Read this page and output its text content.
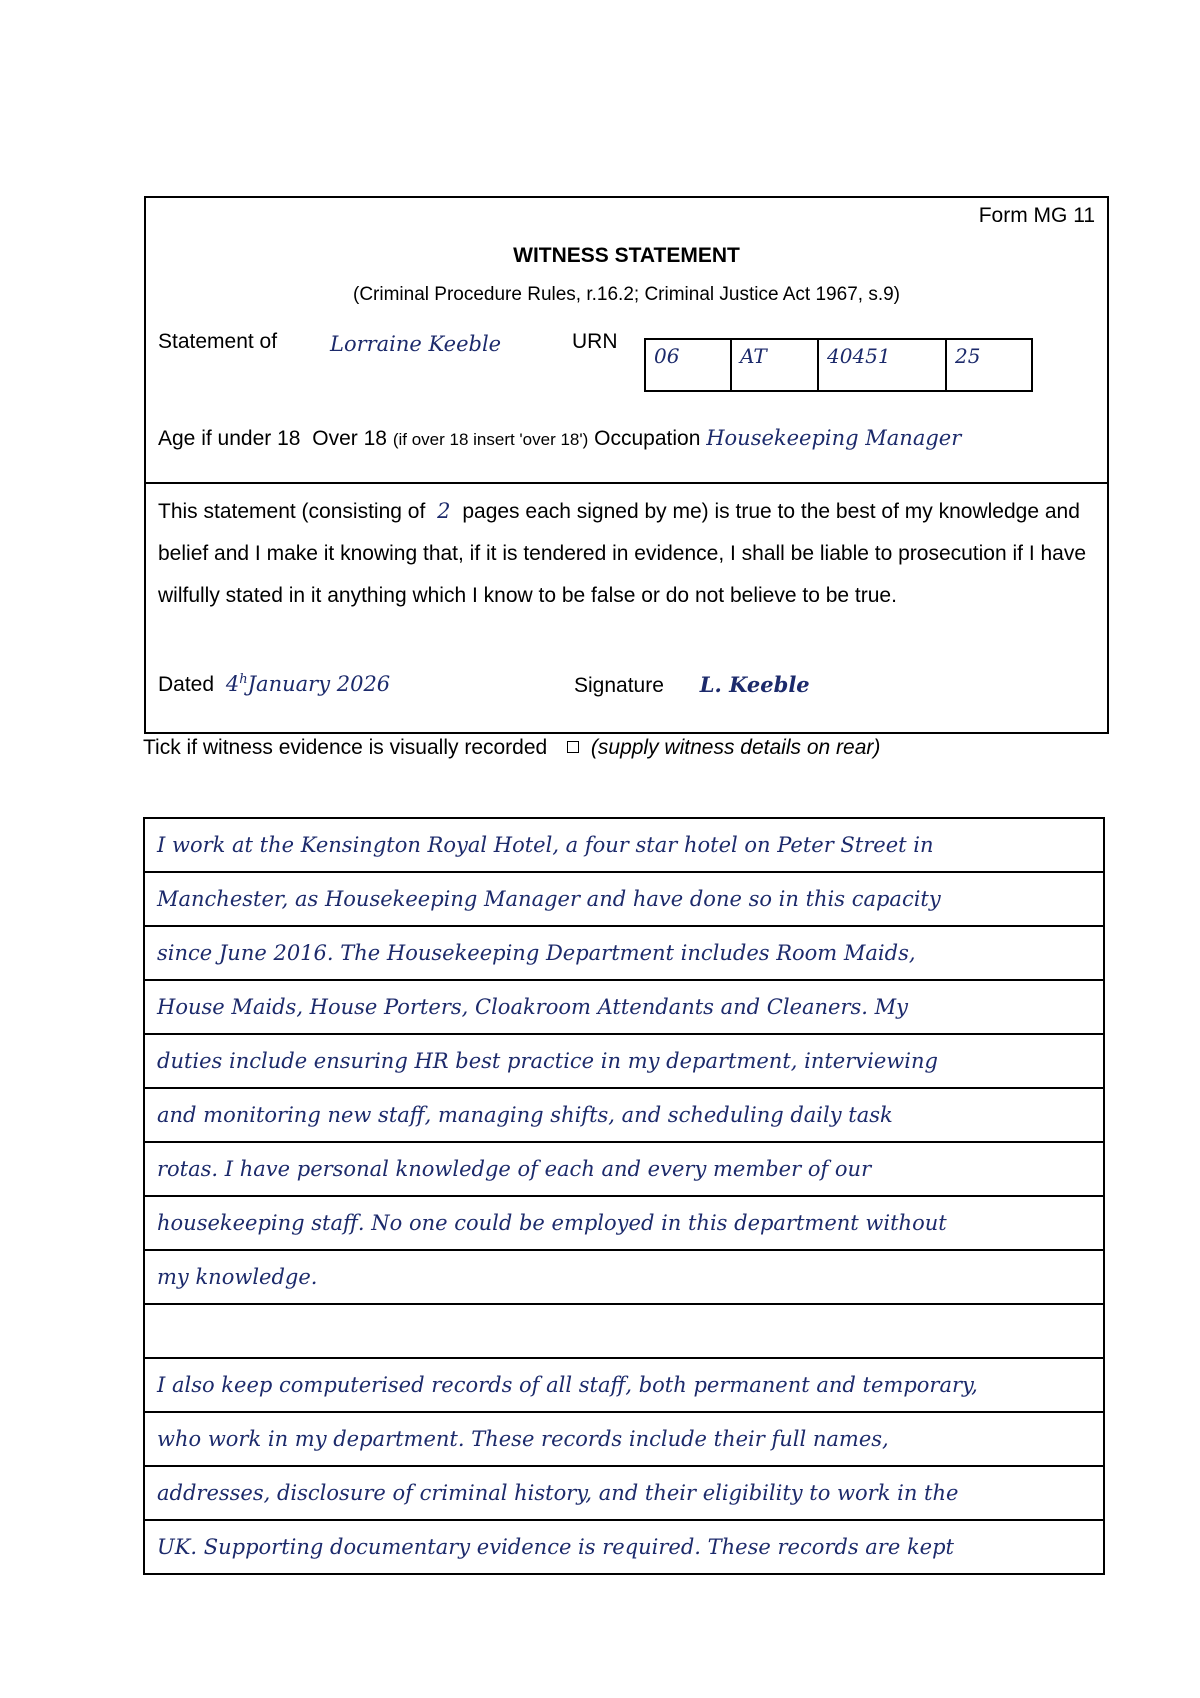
Form MG 11
WITNESS STATEMENT
(Criminal Procedure Rules, r.16.2; Criminal Justice Act 1967, s.9)
Statement of	Lorraine Keeble	URN
06	AT	40451	25
Age if under 18 Over 18 (if over 18 insert 'over 18') Occupation Housekeeping Manager
This statement (consisting of 2 pages each signed by me) is true to the best of my knowledge and belief and I make it knowing that, if it is tendered in evidence, I shall be liable to prosecution if I have wilfully stated in it anything which I know to be false or do not believe to be true.
Dated 4$^h$January 2026	Signature L. Keeble
Tick if witness evidence is visually recorded (supply witness details on rear)
I work at the Kensington Royal Hotel, a four star hotel on Peter Street in
Manchester, as Housekeeping Manager and have done so in this capacity
since June 2016. The Housekeeping Department includes Room Maids,
House Maids, House Porters, Cloakroom Attendants and Cleaners. My
duties include ensuring HR best practice in my department, interviewing
and monitoring new staff, managing shifts, and scheduling daily task
rotas. I have personal knowledge of each and every member of our
housekeeping staff. No one could be employed in this department without
my knowledge.
I also keep computerised records of all staff, both permanent and temporary,
who work in my department. These records include their full names,
addresses, disclosure of criminal history, and their eligibility to work in the
UK. Supporting documentary evidence is required. These records are kept
